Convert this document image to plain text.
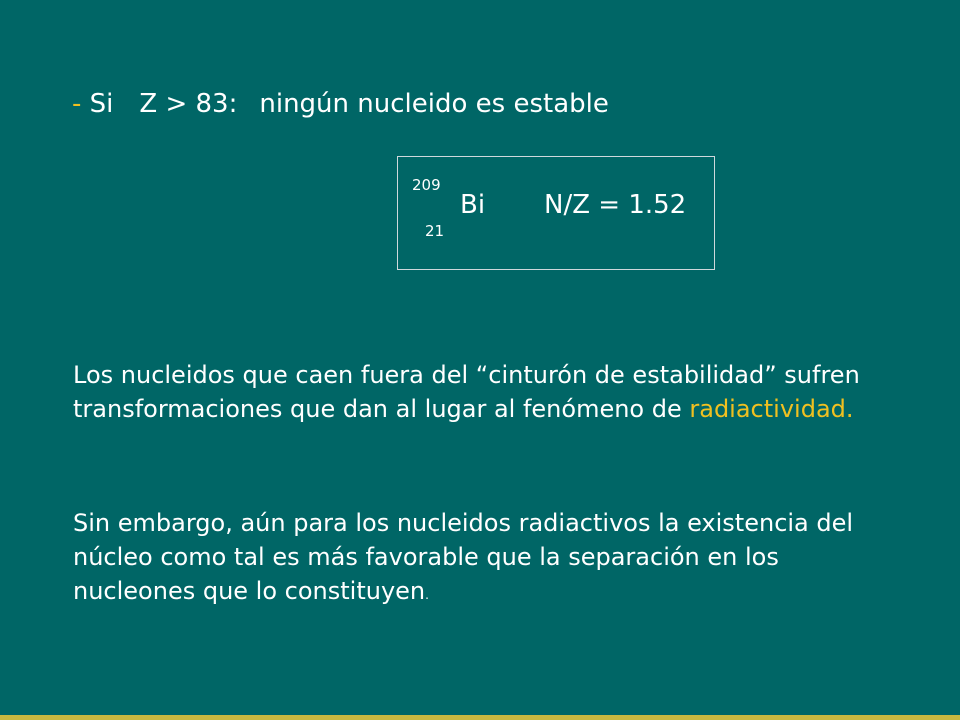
- Si Z > 83: ningún nucleido es estable
209
21
Bi N/Z = 1.52
Los nucleidos que caen fuera del “cinturón de estabilidad” sufren transformaciones que dan al lugar al fenómeno de radiactividad.
Sin embargo, aún para los nucleidos radiactivos la existencia del núcleo como tal es más favorable que la separación en los nucleones que lo constituyen.
